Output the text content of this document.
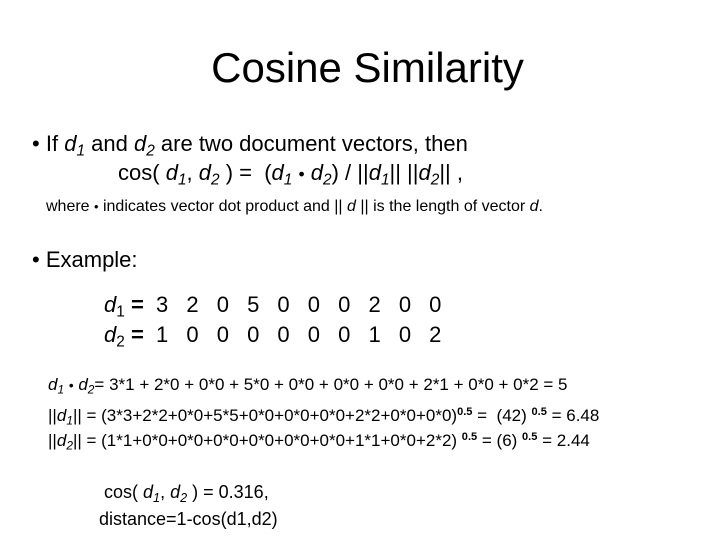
Cosine Similarity
• If $d_1$ and $d_2$ are two document vectors, then
cos( $d_1$, $d_2$ ) = ($d_1$ • $d_2) / ||d_1||$ $||d_2||$ ,
where • indicates vector dot product and || d || is the length of vector d.
• Example:
$d_1 = 3$ 2 0 5 0 0 0 2 0 0
$d_2 = 1$ 0 0 0 0 0 0 1 0 2
$d_1$ • $d_2= 3*1 + 2*0 + 0*0 + 5*0 + 0*0 + 0*0 + 0*0 + 2*1 + 0*0 + 0*2 = 5$
$||d_1|| = (3*3+2*2+0*0+5*5+0*0+0*0+0*0+2*2+0*0+0*0)^{0.5} = (42) ^{0.5} = 6.48$
$||d_2|| = (1*1+0*0+0*0+0*0+0*0+0*0+0*0+1*1+0*0+2*2) ^{0.5} = (6) ^{0.5} = 2.44$
cos( $d_1$, $d_2$ ) = 0.316,
distance=1-cos(d1,d2)
